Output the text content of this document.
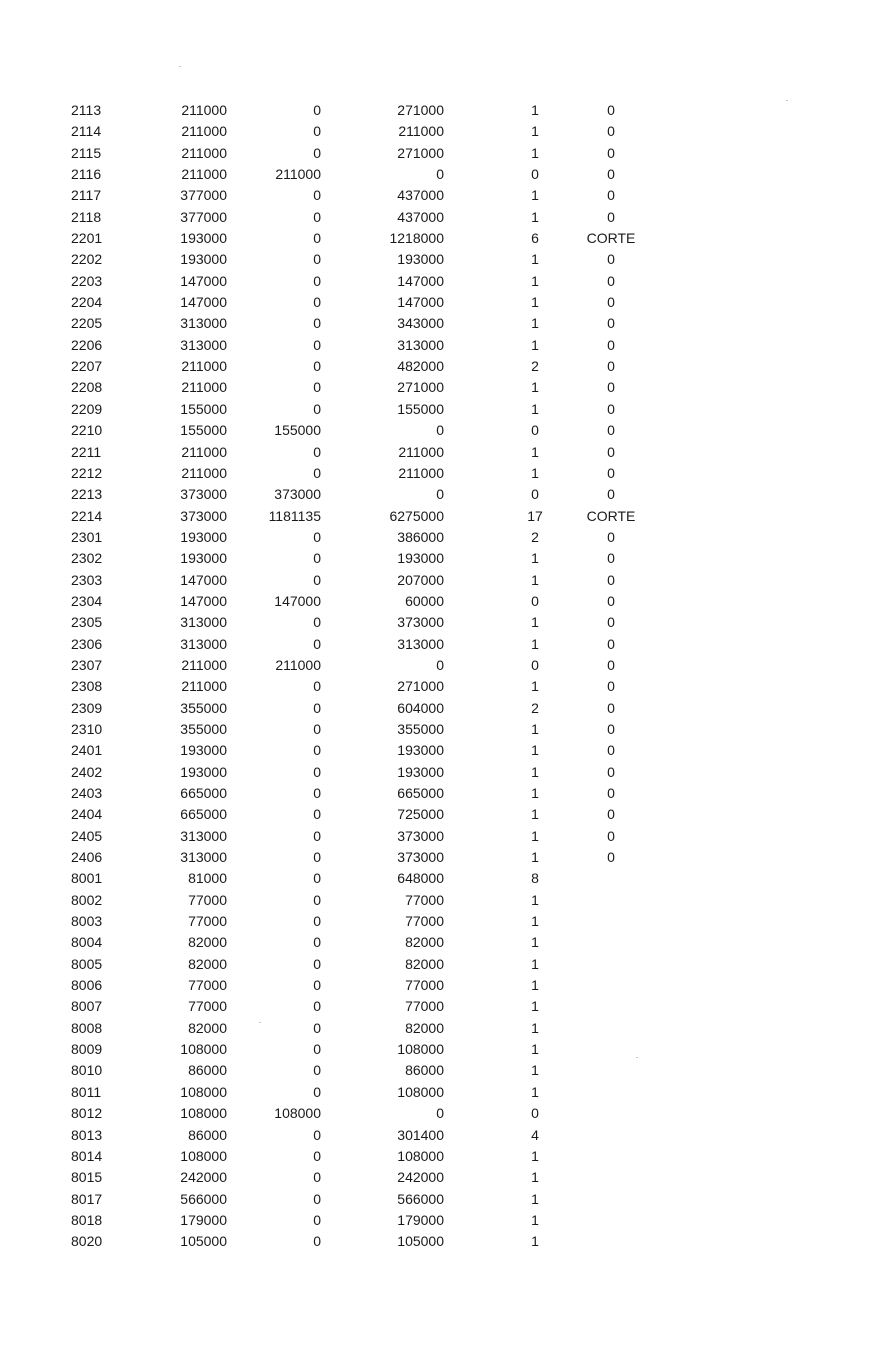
2113	211000	0	271000	1	0
2114	211000	0	211000	1	0
2115	211000	0	271000	1	0
2116	211000	211000	0	0	0
2117	377000	0	437000	1	0
2118	377000	0	437000	1	0
2201	193000	0	1218000	6	CORTE
2202	193000	0	193000	1	0
2203	147000	0	147000	1	0
2204	147000	0	147000	1	0
2205	313000	0	343000	1	0
2206	313000	0	313000	1	0
2207	211000	0	482000	2	0
2208	211000	0	271000	1	0
2209	155000	0	155000	1	0
2210	155000	155000	0	0	0
2211	211000	0	211000	1	0
2212	211000	0	211000	1	0
2213	373000	373000	0	0	0
2214	373000	1181135	6275000	17	CORTE
2301	193000	0	386000	2	0
2302	193000	0	193000	1	0
2303	147000	0	207000	1	0
2304	147000	147000	60000	0	0
2305	313000	0	373000	1	0
2306	313000	0	313000	1	0
2307	211000	211000	0	0	0
2308	211000	0	271000	1	0
2309	355000	0	604000	2	0
2310	355000	0	355000	1	0
2401	193000	0	193000	1	0
2402	193000	0	193000	1	0
2403	665000	0	665000	1	0
2404	665000	0	725000	1	0
2405	313000	0	373000	1	0
2406	313000	0	373000	1	0
8001	81000	0	648000	8
8002	77000	0	77000	1
8003	77000	0	77000	1
8004	82000	0	82000	1
8005	82000	0	82000	1
8006	77000	0	77000	1
8007	77000	0	77000	1
8008	82000	0	82000	1
8009	108000	0	108000	1
8010	86000	0	86000	1
8011	108000	0	108000	1
8012	108000	108000	0	0
8013	86000	0	301400	4
8014	108000	0	108000	1
8015	242000	0	242000	1
8017	566000	0	566000	1
8018	179000	0	179000	1
8020	105000	0	105000	1
